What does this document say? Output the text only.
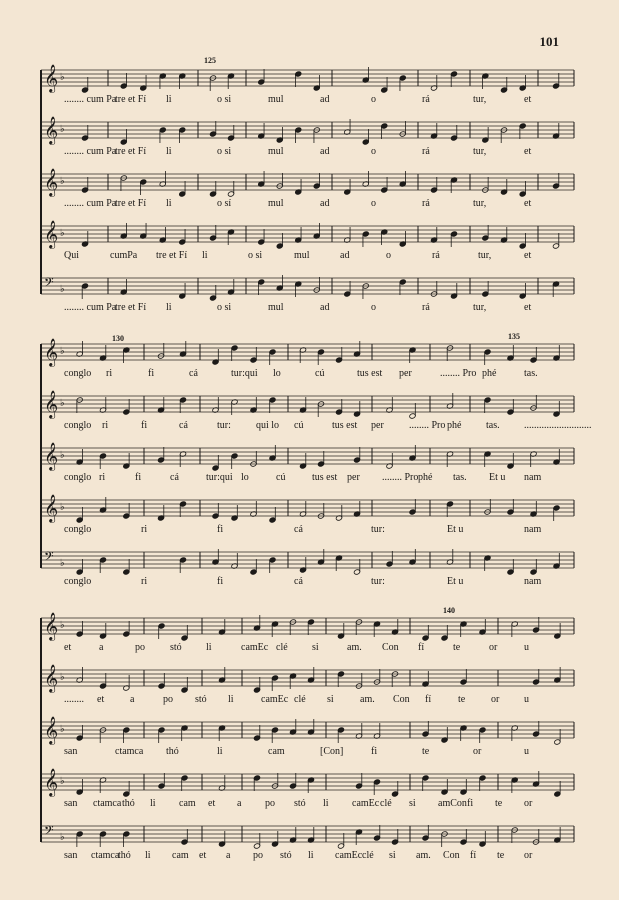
101
125
𝄞 ♭
𝄞 ♭
𝄞 ♭
𝄞 ♭
𝄢 ♭
........ cum Pa
tre et Fí li	o si	mul	ad	o	rá	tur,	et
........ cum Pa
tre et Fí li	o si	mul	ad	o	rá	tur,	et
........ cum Pa
tre et Fí li	o sí	mul	ad	o	rá	tur,	et
Qui	cumPa tre et Fí li	o si	mul	ad	o	rá	tur,	et
........ cum Pa
tre et Fí li	o si	mul	ad	o	rá	tur,	et
130	135
𝄞 ♭
𝄞 ♭
𝄞 ♭
𝄞 ♭
𝄢 ♭
conglo ri	fi	cá	tur:qui lo	cú	tus est per	........ Pro phé	tas.
conglo ri	fi	cá	tur:	qui lo cú	tus est per	........ Pro phé tas. ...........................
conglo ri	fi	cá	tur:qui lo	cú	tus est per ........ Pro phé tas. Et u nam
conglo	ri	fi	cá	tur:	Et u	nam
conglo	ri	fi	cá	tur:	Et u	nam
140
𝄞 ♭
𝄞 ♭
𝄞 ♭
𝄞 ♭
𝄢 ♭
et	a	po	stó li	camEc clé si	am. Con fí	te	or	u
........ et	a	po stó li	camEc clé si	am. Con fí	te	or u
san	ctamca thó	li	cam	[Con]	fi	te	or	u
san ctamca thó li cam et a po stó li camEc clé si amCon fi te or
san ctamca
thó li cam et a po stó li camEc clé si am. Con fí te or
